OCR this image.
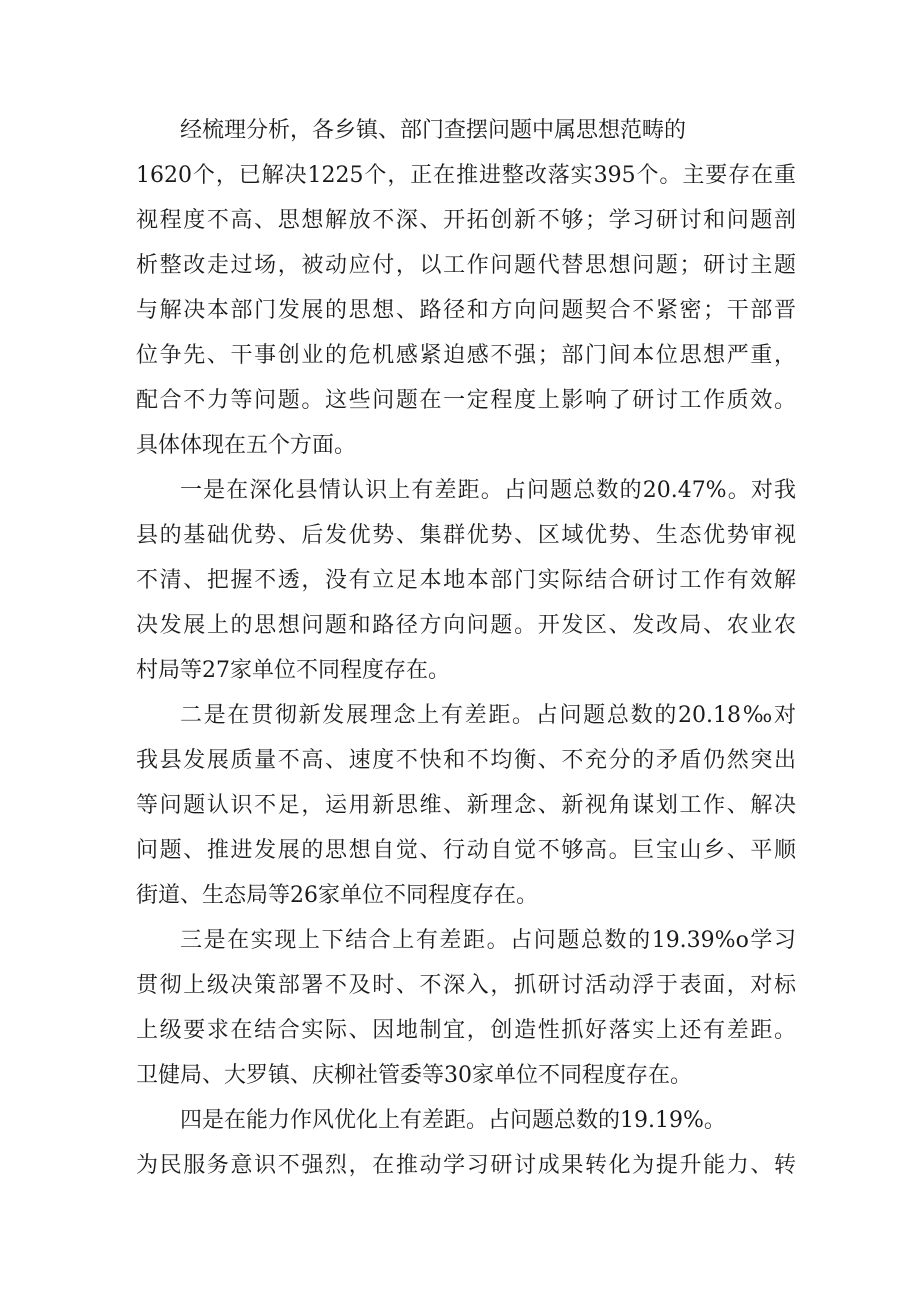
经梳理分析，各乡镇、部门查摆问题中属思想范畴的
1620个，已解决1225个，正在推进整改落实395个。主要存在重
视程度不高、思想解放不深、开拓创新不够；学习研讨和问题剖
析整改走过场，被动应付，以工作问题代替思想问题；研讨主题
与解决本部门发展的思想、路径和方向问题契合不紧密；干部晋
位争先、干事创业的危机感紧迫感不强；部门间本位思想严重，
配合不力等问题。这些问题在一定程度上影响了研讨工作质效。
具体体现在五个方面。
一是在深化县情认识上有差距。占问题总数的20.47%。对我
县的基础优势、后发优势、集群优势、区域优势、生态优势审视
不清、把握不透，没有立足本地本部门实际结合研讨工作有效解
决发展上的思想问题和路径方向问题。开发区、发改局、农业农
村局等27家单位不同程度存在。
二是在贯彻新发展理念上有差距。占问题总数的20.18‰对
我县发展质量不高、速度不快和不均衡、不充分的矛盾仍然突出
等问题认识不足，运用新思维、新理念、新视角谋划工作、解决
问题、推进发展的思想自觉、行动自觉不够高。巨宝山乡、平顺
街道、生态局等26家单位不同程度存在。
三是在实现上下结合上有差距。占问题总数的19.39%o学习
贯彻上级决策部署不及时、不深入，抓研讨活动浮于表面，对标
上级要求在结合实际、因地制宜，创造性抓好落实上还有差距。
卫健局、大罗镇、庆柳社管委等30家单位不同程度存在。
四是在能力作风优化上有差距。占问题总数的19.19%。
为民服务意识不强烈，在推动学习研讨成果转化为提升能力、转
